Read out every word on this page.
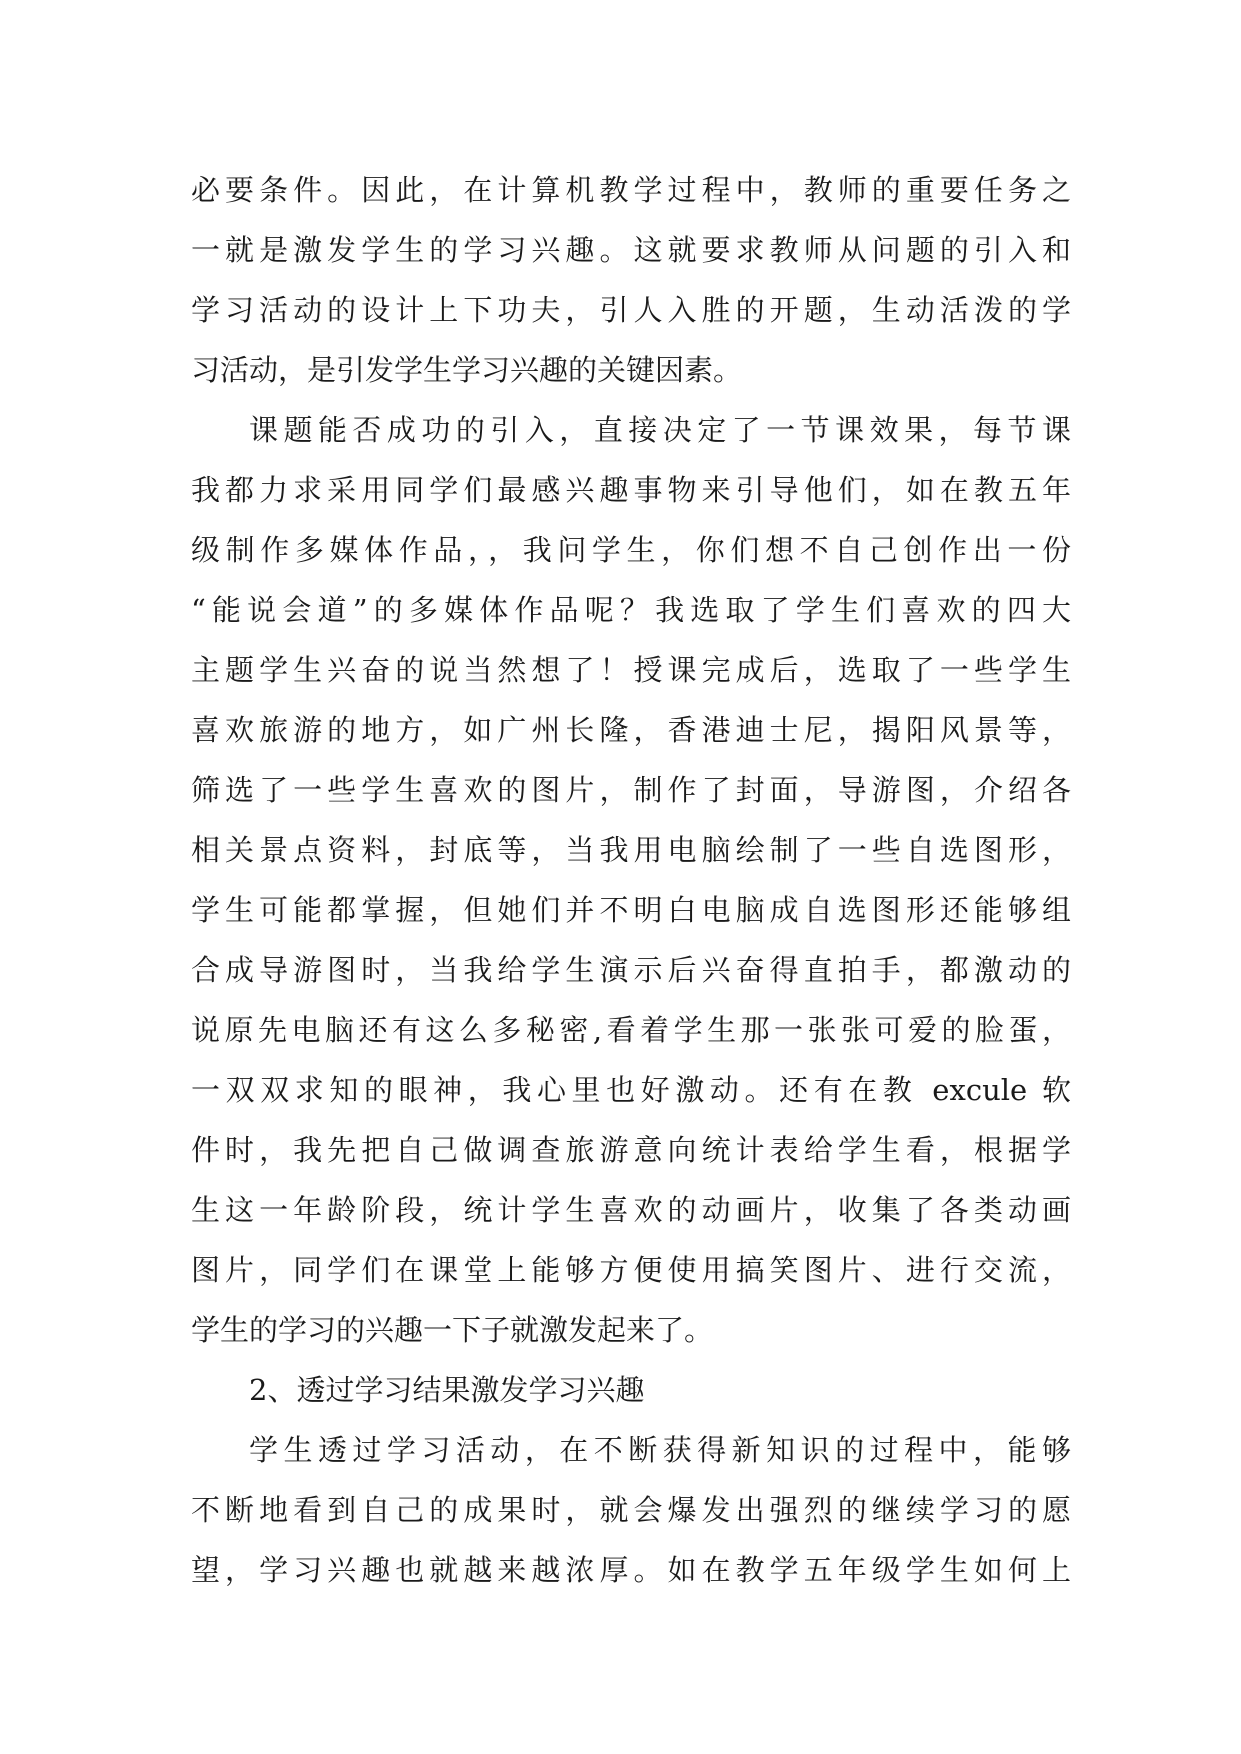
必要条件。因此，在计算机教学过程中，教师的重要任务之
一就是激发学生的学习兴趣。这就要求教师从问题的引入和
学习活动的设计上下功夫，引人入胜的开题，生动活泼的学
习活动，是引发学生学习兴趣的关键因素。
课题能否成功的引入，直接决定了一节课效果，每节课
我都力求采用同学们最感兴趣事物来引导他们，如在教五年
级制作多媒体作品，，我问学生，你们想不自己创作出一份
“能说会道”的多媒体作品呢？我选取了学生们喜欢的四大
主题学生兴奋的说当然想了！授课完成后，选取了一些学生
喜欢旅游的地方，如广州长隆，香港迪士尼，揭阳风景等，
筛选了一些学生喜欢的图片，制作了封面，导游图，介绍各
相关景点资料，封底等，当我用电脑绘制了一些自选图形，
学生可能都掌握，但她们并不明白电脑成自选图形还能够组
合成导游图时，当我给学生演示后兴奋得直拍手，都激动的
说原先电脑还有这么多秘密,看着学生那一张张可爱的脸蛋，
一双双求知的眼神，我心里也好激动。还有在教 excule 软
件时，我先把自己做调查旅游意向统计表给学生看，根据学
生这一年龄阶段，统计学生喜欢的动画片，收集了各类动画
图片，同学们在课堂上能够方便使用搞笑图片、进行交流，
学生的学习的兴趣一下子就激发起来了。
2、透过学习结果激发学习兴趣
学生透过学习活动，在不断获得新知识的过程中，能够
不断地看到自己的成果时，就会爆发出强烈的继续学习的愿
望，学习兴趣也就越来越浓厚。如在教学五年级学生如何上
